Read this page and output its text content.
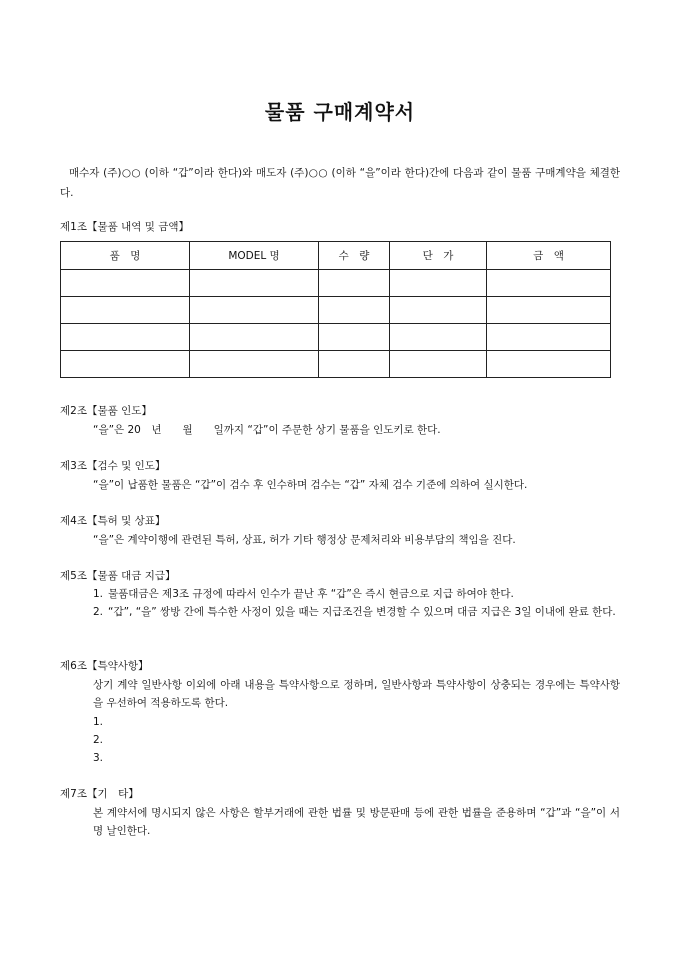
물품 구매계약서
매수자 (주)○○ (이하 “갑”이라 한다)와 매도자 (주)○○ (이하 “을”이라 한다)간에 다음과 같이 물품 구매계약을 체결한다.
제1조【물품 내역 및 금액】
품　명	MODEL 명	수　량	단　가	금　액

제2조【물품 인도】
“을”은 20　년　　월　　일까지 “갑”이 주문한 상기 물품을 인도키로 한다.
제3조【검수 및 인도】
“을”이 납품한 물품은 “갑”이 검수 후 인수하며 검수는 “갑” 자체 검수 기준에 의하여 실시한다.
제4조【특허 및 상표】
“을”은 계약이행에 관련된 특허, 상표, 허가 기타 행정상 문제처리와 비용부담의 책임을 진다.
제5조【물품 대금 지급】
1. 물품대금은 제3조 규정에 따라서 인수가 끝난 후 “갑”은 즉시 현금으로 지급 하여야 한다.
2. “갑”, “을” 쌍방 간에 특수한 사정이 있을 때는 지급조건을 변경할 수 있으며 대금 지급은 3일 이내에 완료 한다.
제6조【특약사항】
상기 계약 일반사항 이외에 아래 내용을 특약사항으로 정하며, 일반사항과 특약사항이 상충되는 경우에는 특약사항을 우선하여 적용하도록 한다.
1.
2.
3.
제7조【기　타】
본 계약서에 명시되지 않은 사항은 할부거래에 관한 법률 및 방문판매 등에 관한 법률을 준용하며 “갑”과 “을”이 서명 날인한다.
